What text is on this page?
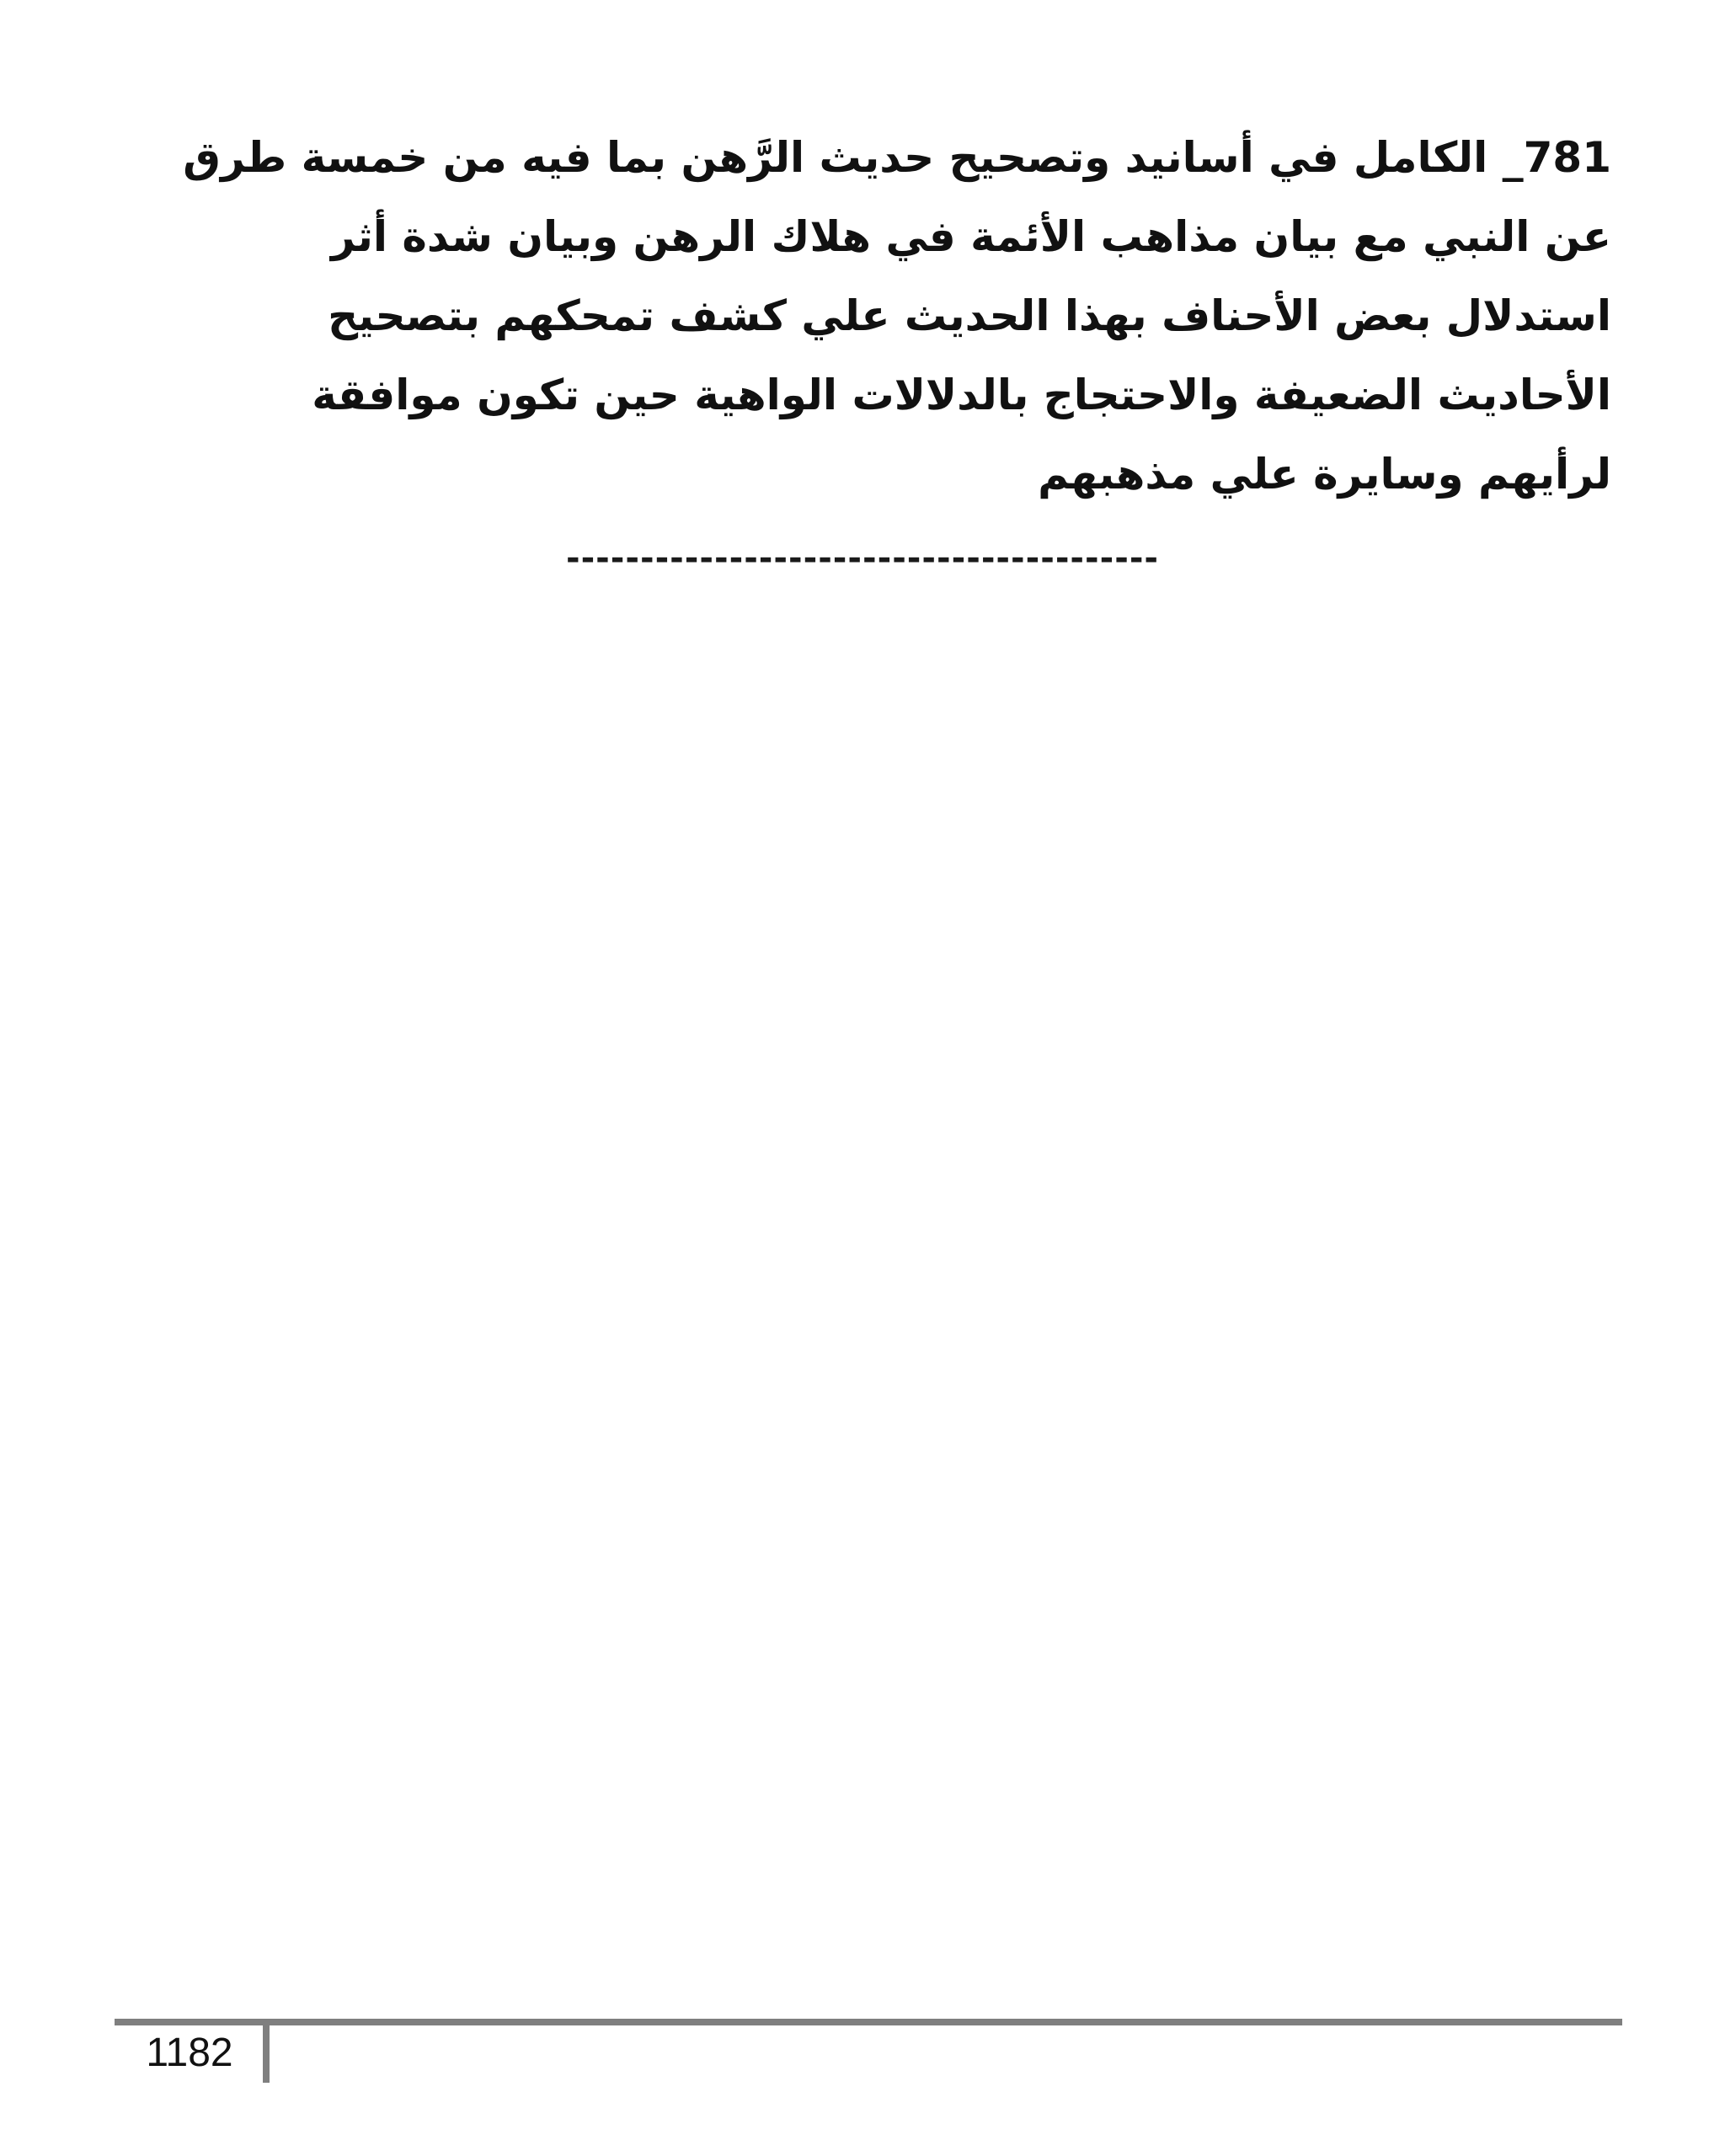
781_ الكامل في أسانيد وتصحيح حديث الرَّهن بما فيه من خمسة طرق عن النبي مع بيان مذاهب الأئمة في هلاك الرهن وبيان شدة أثر استدلال بعض الأحناف بهذا الحديث علي كشف تمحكهم بتصحيح الأحاديث الضعيفة والاحتجاج بالدلالات الواهية حين تكون موافقة لرأيهم وسايرة علي مذهبهم

----------------------------------------
1182
